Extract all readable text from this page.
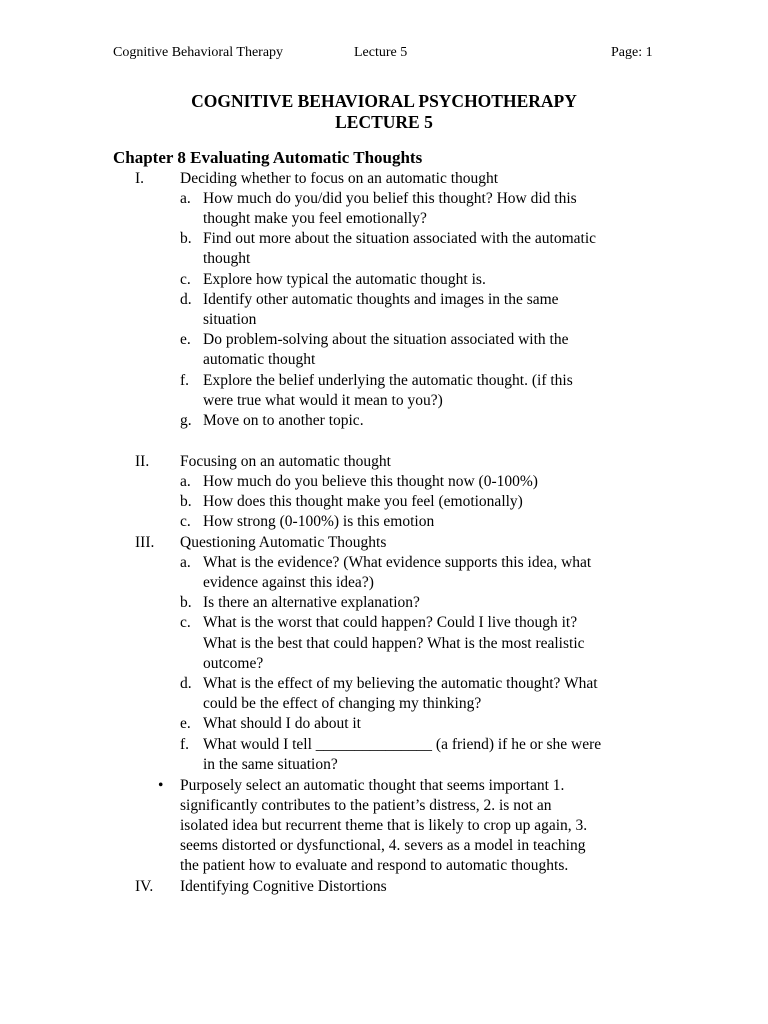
Cognitive Behavioral Therapy	Lecture 5	Page: 1
COGNITIVE BEHAVIORAL PSYCHOTHERAPY
LECTURE 5
Chapter 8 Evaluating Automatic Thoughts
I. Deciding whether to focus on an automatic thought
a. How much do you/did you belief this thought? How did this
thought make you feel emotionally?
b. Find out more about the situation associated with the automatic
thought
c. Explore how typical the automatic thought is.
d. Identify other automatic thoughts and images in the same
situation
e. Do problem-solving about the situation associated with the
automatic thought
f. Explore the belief underlying the automatic thought. (if this
were true what would it mean to you?)
g. Move on to another topic.
II. Focusing on an automatic thought
a. How much do you believe this thought now (0-100%)
b. How does this thought make you feel (emotionally)
c. How strong (0-100%) is this emotion
III. Questioning Automatic Thoughts
a. What is the evidence? (What evidence supports this idea, what
evidence against this idea?)
b. Is there an alternative explanation?
c. What is the worst that could happen? Could I live though it?
What is the best that could happen? What is the most realistic
outcome?
d. What is the effect of my believing the automatic thought? What
could be the effect of changing my thinking?
e. What should I do about it
f. What would I tell _______________ (a friend) if he or she were
in the same situation?
IV. Identifying Cognitive Distortions
• Purposely select an automatic thought that seems important 1.
significantly contributes to the patient’s distress, 2. is not an
isolated idea but recurrent theme that is likely to crop up again, 3.
seems distorted or dysfunctional, 4. severs as a model in teaching
the patient how to evaluate and respond to automatic thoughts.
